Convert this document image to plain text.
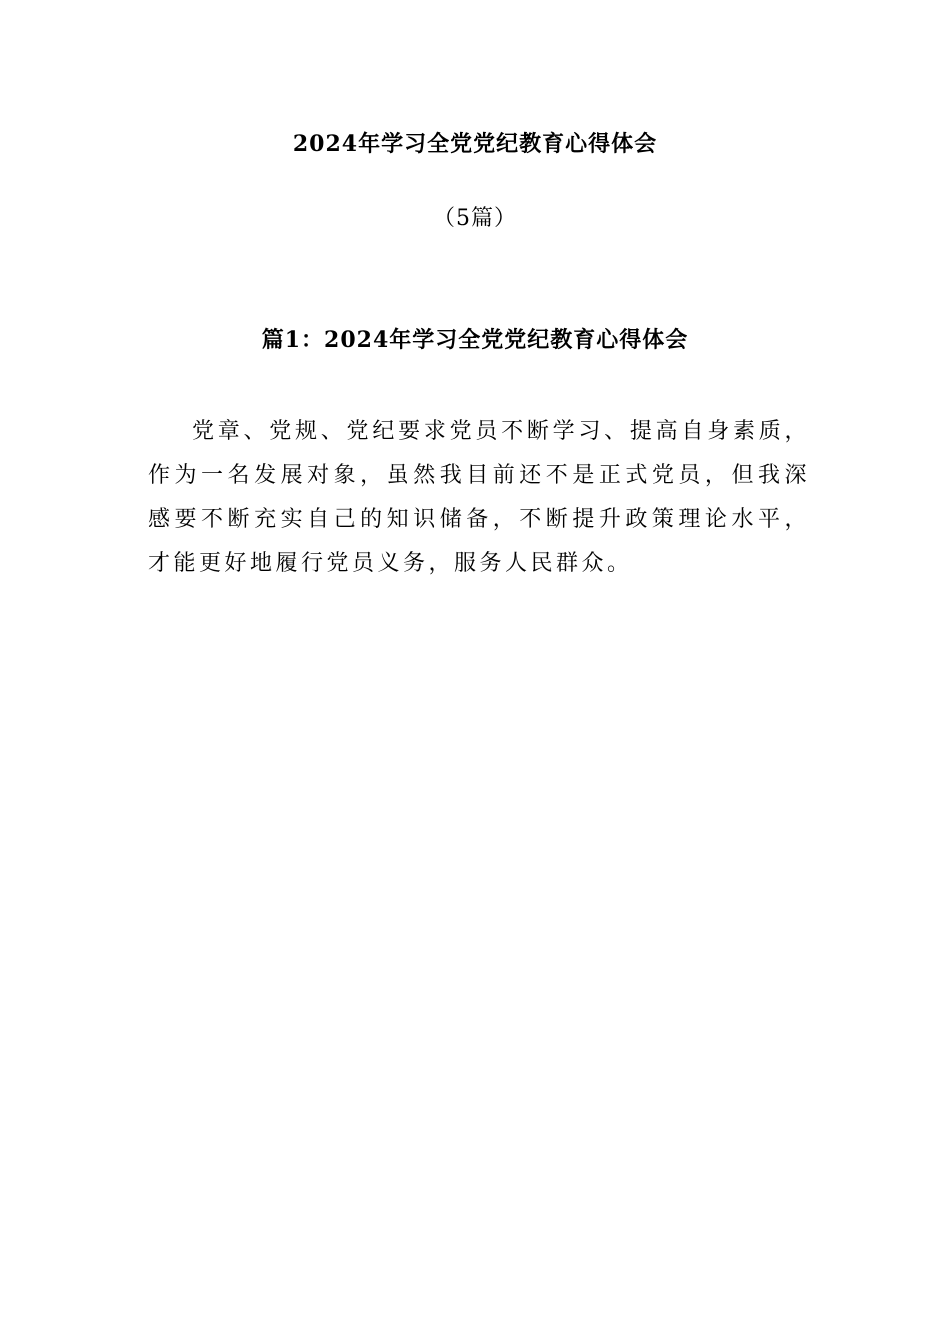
2024年学习全党党纪教育心得体会
（5篇）
篇1：2024年学习全党党纪教育心得体会

党章、党规、党纪要求党员不断学习、提高自身素质，作为一名发展对象，虽然我目前还不是正式党员，但我深感要不断充实自己的知识储备，不断提升政策理论水平，才能更好地履行党员义务，服务人民群众。
